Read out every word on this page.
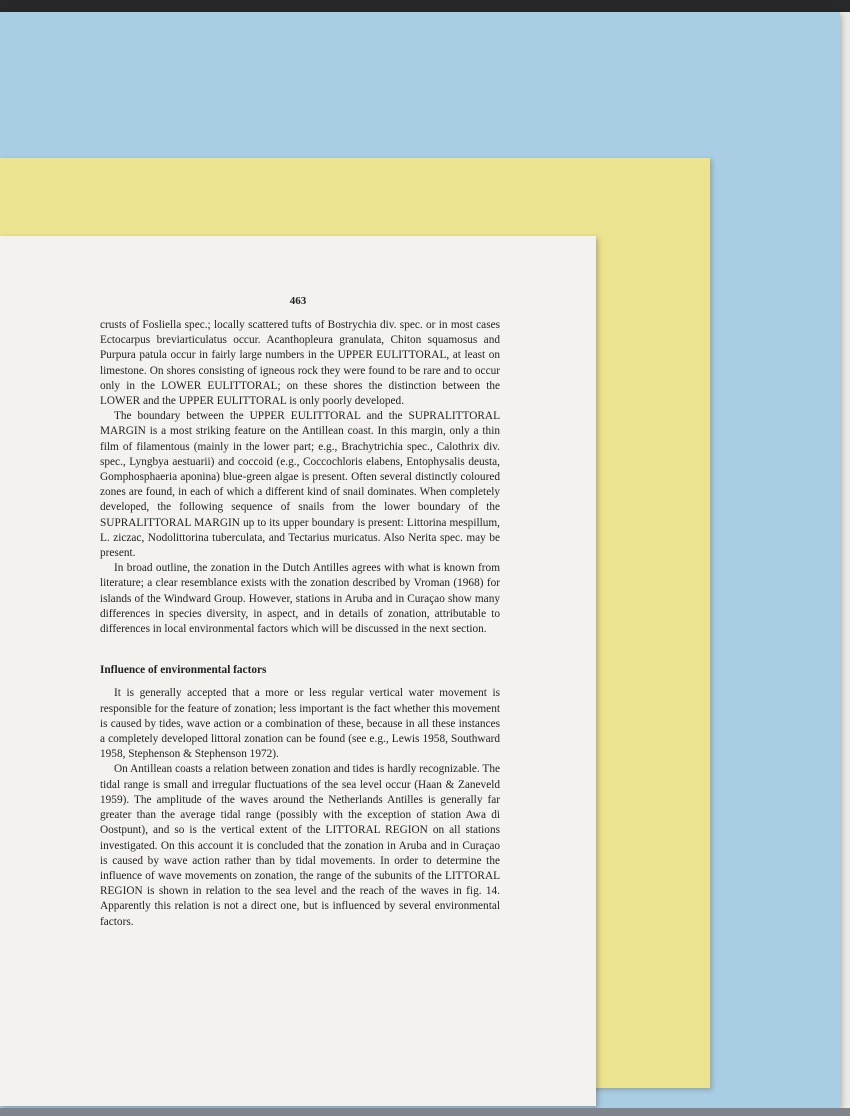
463

crusts of Fosliella spec.; locally scattered tufts of Bostrychia div. spec. or in most cases Ectocarpus breviarticulatus occur. Acanthopleura granulata, Chiton squamosus and Purpura patula occur in fairly large numbers in the UPPER EULITTORAL, at least on limestone. On shores consisting of igneous rock they were found to be rare and to occur only in the LOWER EULITTORAL; on these shores the distinction between the LOWER and the UPPER EULITTORAL is only poorly developed.

The boundary between the UPPER EULITTORAL and the SUPRALITTORAL MARGIN is a most striking feature on the Antillean coast. In this margin, only a thin film of filamentous (mainly in the lower part; e.g., Brachytrichia spec., Calothrix div. spec., Lyngbya aestuarii) and coccoid (e.g., Coccochloris elabens, Entophysalis deusta, Gomphosphaeria aponina) blue-green algae is present. Often several distinctly coloured zones are found, in each of which a different kind of snail dominates. When completely developed, the following sequence of snails from the lower boundary of the SUPRALITTORAL MARGIN up to its upper boundary is present: Littorina mespillum, L. ziczac, Nodolittorina tuberculata, and Tectarius muricatus. Also Nerita spec. may be present.

In broad outline, the zonation in the Dutch Antilles agrees with what is known from literature; a clear resemblance exists with the zonation described by Vroman (1968) for islands of the Windward Group. However, stations in Aruba and in Curaçao show many differences in species diversity, in aspect, and in details of zonation, attributable to differences in local environmental factors which will be discussed in the next section.

Influence of environmental factors

It is generally accepted that a more or less regular vertical water movement is responsible for the feature of zonation; less important is the fact whether this movement is caused by tides, wave action or a combination of these, because in all these instances a completely developed littoral zonation can be found (see e.g., Lewis 1958, Southward 1958, Stephenson & Stephenson 1972).

On Antillean coasts a relation between zonation and tides is hardly recognizable. The tidal range is small and irregular fluctuations of the sea level occur (Haan & Zaneveld 1959). The amplitude of the waves around the Netherlands Antilles is generally far greater than the average tidal range (possibly with the exception of station Awa di Oostpunt), and so is the vertical extent of the LITTORAL REGION on all stations investigated. On this account it is concluded that the zonation in Aruba and in Curaçao is caused by wave action rather than by tidal movements. In order to determine the influence of wave movements on zonation, the range of the subunits of the LITTORAL REGION is shown in relation to the sea level and the reach of the waves in fig. 14. Apparently this relation is not a direct one, but is influenced by several environmental factors.
